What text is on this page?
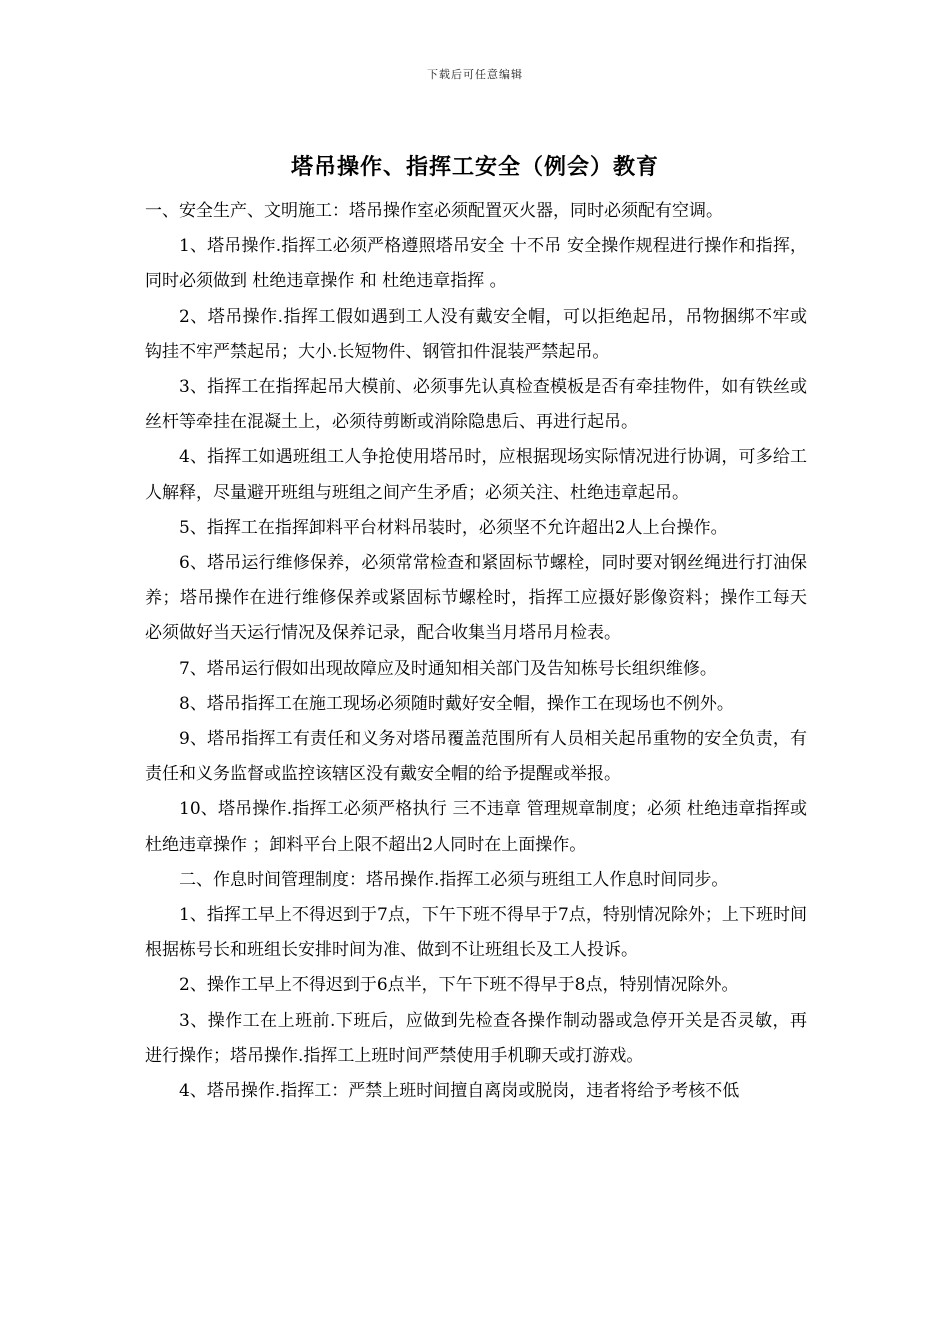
下载后可任意编辑
塔吊操作、指挥工安全（例会）教育

一、安全生产、文明施工：塔吊操作室必须配置灭火器，同时必须配有空调。

1、塔吊操作.指挥工必须严格遵照塔吊安全 十不吊 安全操作规程进行操作和指挥，同时必须做到 杜绝违章操作 和 杜绝违章指挥 。

2、塔吊操作.指挥工假如遇到工人没有戴安全帽，可以拒绝起吊，吊物捆绑不牢或钩挂不牢严禁起吊；大小.长短物件、钢管扣件混装严禁起吊。

3、指挥工在指挥起吊大模前、必须事先认真检查模板是否有牵挂物件，如有铁丝或丝杆等牵挂在混凝土上，必须待剪断或消除隐患后、再进行起吊。

4、指挥工如遇班组工人争抢使用塔吊时，应根据现场实际情况进行协调，可多给工人解释，尽量避开班组与班组之间产生矛盾；必须关注、杜绝违章起吊。

5、指挥工在指挥卸料平台材料吊装时，必须坚不允许超出2人上台操作。

6、塔吊运行维修保养，必须常常检查和紧固标节螺栓，同时要对钢丝绳进行打油保养；塔吊操作在进行维修保养或紧固标节螺栓时，指挥工应摄好影像资料；操作工每天必须做好当天运行情况及保养记录，配合收集当月塔吊月检表。

7、塔吊运行假如出现故障应及时通知相关部门及告知栋号长组织维修。

8、塔吊指挥工在施工现场必须随时戴好安全帽，操作工在现场也不例外。

9、塔吊指挥工有责任和义务对塔吊覆盖范围所有人员相关起吊重物的安全负责，有责任和义务监督或监控该辖区没有戴安全帽的给予提醒或举报。

10、塔吊操作.指挥工必须严格执行 三不违章 管理规章制度；必须 杜绝违章指挥或杜绝违章操作 ；卸料平台上限不超出2人同时在上面操作。

二、作息时间管理制度：塔吊操作.指挥工必须与班组工人作息时间同步。

1、指挥工早上不得迟到于7点，下午下班不得早于7点，特别情况除外；上下班时间根据栋号长和班组长安排时间为准、做到不让班组长及工人投诉。

2、操作工早上不得迟到于6点半，下午下班不得早于8点，特别情况除外。

3、操作工在上班前.下班后，应做到先检查各操作制动器或急停开关是否灵敏，再进行操作；塔吊操作.指挥工上班时间严禁使用手机聊天或打游戏。

4、塔吊操作.指挥工：严禁上班时间擅自离岗或脱岗，违者将给予考核不低
